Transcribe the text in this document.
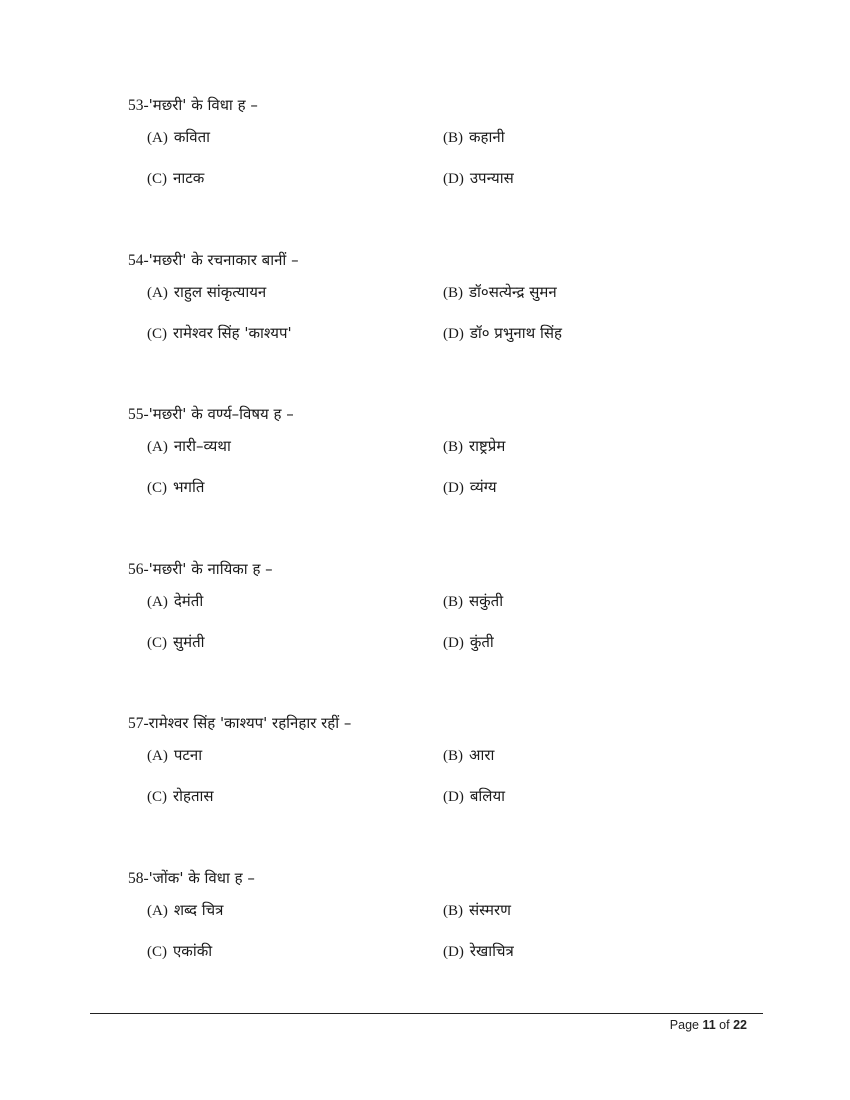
53-'मछरी' के विधा ह –
(A) कविता	(B) कहानी
(C) नाटक	(D) उपन्यास
54-'मछरी' के रचनाकार बानीं –
(A) राहुल सांकृत्यायन	(B) डॉ०सत्येन्द्र सुमन
(C) रामेश्वर सिंह 'काश्यप'	(D) डॉ० प्रभुनाथ सिंह
55-'मछरी' के वर्ण्य–विषय ह –
(A) नारी–व्यथा	(B) राष्ट्रप्रेम
(C) भगति	(D) व्यंग्य
56-'मछरी' के नायिका ह –
(A) देमंती	(B) सकुंती
(C) सुमंती	(D) कुंती
57-रामेश्वर सिंह 'काश्यप' रहनिहार रहीं –
(A) पटना	(B) आरा
(C) रोहतास	(D) बलिया
58-'जोंक' के विधा ह –
(A) शब्द चित्र	(B) संस्मरण
(C) एकांकी	(D) रेखाचित्र
Page 11 of 22
